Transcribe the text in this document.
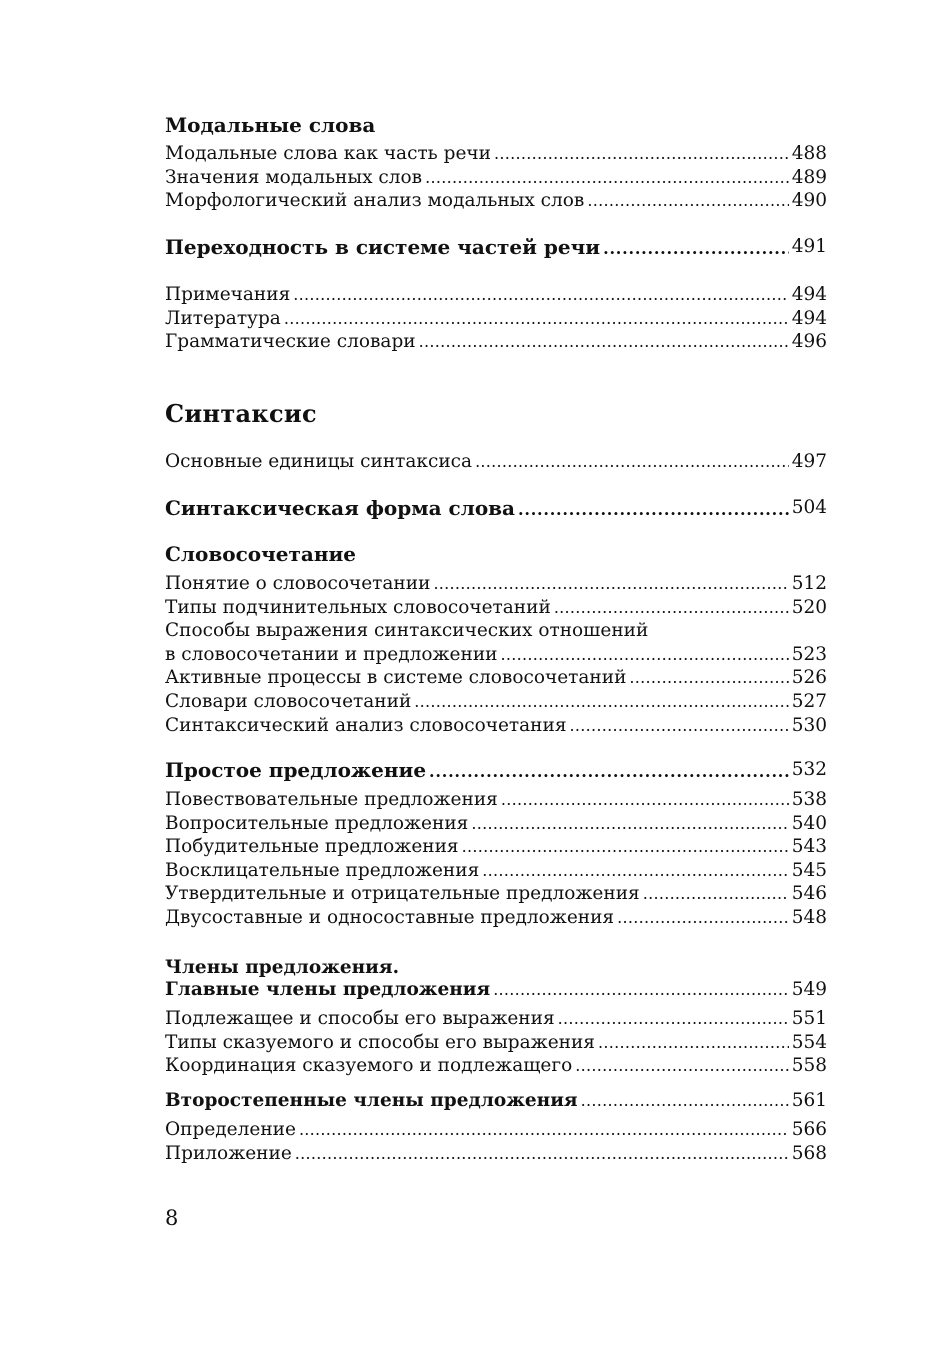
Модальные слова
Модальные слова как часть речи . . .	488
Значения модальных слов . . .	489
Морфологический анализ модальных слов . . .	490
Переходность в системе частей речи . . .	491
Примечания . . .	494
Литература . . .	494
Грамматические словари . . .	496
Синтаксис
Основные единицы синтаксиса . . .	497
Синтаксическая форма слова . . .	504
Словосочетание
Понятие о словосочетании . . .	512
Типы подчинительных словосочетаний . . .	520
Способы выражения синтаксических отношений
в словосочетании и предложении . . .	523
Активные процессы в системе словосочетаний . . .	526
Словари словосочетаний . . .	527
Синтаксический анализ словосочетания . . .	530
Простое предложение . . .	532
Повествовательные предложения . . .	538
Вопросительные предложения . . .	540
Побудительные предложения . . .	543
Восклицательные предложения . . .	545
Утвердительные и отрицательные предложения . . .	546
Двусоставные и односоставные предложения . . .	548
Члены предложения.
Главные члены предложения . . .	549
Подлежащее и способы его выражения . . .	551
Типы сказуемого и способы его выражения . . .	554
Координация сказуемого и подлежащего . . .	558
Второстепенные члены предложения . . .	561
Определение . . .	566
Приложение . . .	568
8
